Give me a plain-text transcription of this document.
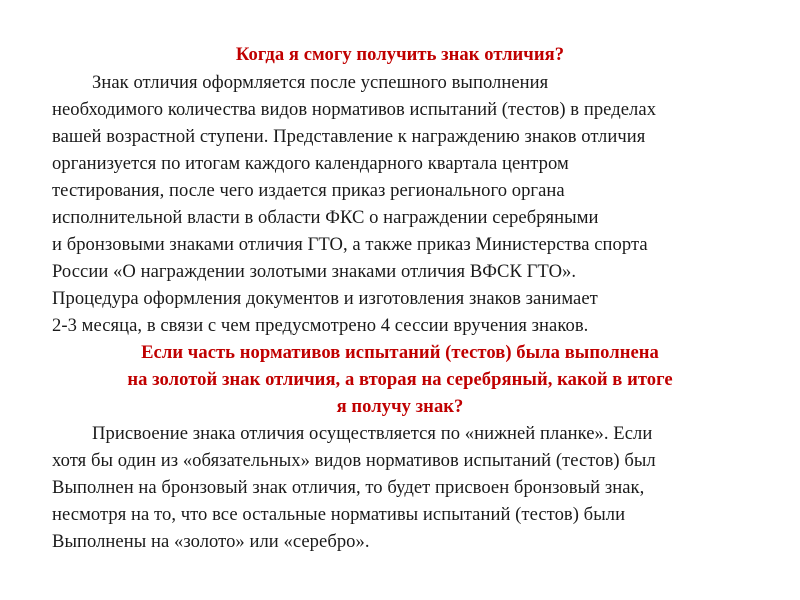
Когда я смогу получить знак отличия?
Знак отличия оформляется после успешного выполнения
необходимого количества видов нормативов испытаний (тестов) в пределах
вашей возрастной ступени. Представление к награждению знаков отличия
организуется по итогам каждого календарного квартала центром
тестирования, после чего издается приказ регионального органа
исполнительной власти в области ФКС о награждении серебряными
и бронзовыми знаками отличия ГТО, а также приказ Министерства спорта
России «О награждении золотыми знаками отличия ВФСК ГТО».
Процедура оформления документов и изготовления знаков занимает
2-3 месяца, в связи с чем предусмотрено 4 сессии вручения знаков.
Если часть нормативов испытаний (тестов) была выполнена
на золотой знак отличия, а вторая на серебряный, какой в итоге
я получу знак?
Присвоение знака отличия осуществляется по «нижней планке». Если
хотя бы один из «обязательных» видов нормативов испытаний (тестов) был
Выполнен на бронзовый знак отличия, то будет присвоен бронзовый знак,
несмотря на то, что все остальные нормативы испытаний (тестов) были
Выполнены на «золото» или «серебро».
